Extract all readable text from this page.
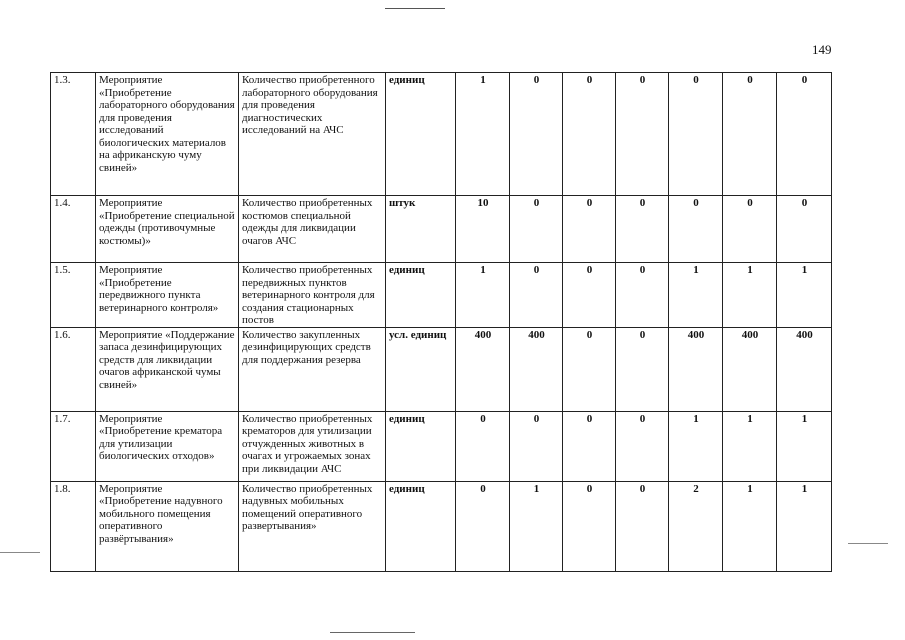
149
1.3.	Мероприятие «Приобретение лабораторного оборудования для проведения исследований биологических материалов на африканскую чуму свиней»	Количество приобретенного лабораторного оборудования для проведения диагностических исследований на АЧС	единиц	1	0	0	0	0	0	0
1.4.	Мероприятие «Приобретение специальной одежды (противочумные костюмы)»	Количество приобретенных костюмов специальной одежды для ликвидации очагов АЧС	штук	10	0	0	0	0	0	0
1.5.	Мероприятие «Приобретение передвижного пункта ветеринарного контроля»	Количество приобретенных передвижных пунктов ветеринарного контроля для создания стационарных постов	единиц	1	0	0	0	1	1	1
1.6.	Мероприятие «Поддержание запаса дезинфицирующих средств для ликвидации очагов африканской чумы свиней»	Количество закупленных дезинфицирующих средств для поддержания резерва	усл. единиц	400	400	0	0	400	400	400
1.7.	Мероприятие «Приобретение крематора для утилизации биологических отходов»	Количество приобретенных крематоров для утилизации отчужденных животных в очагах и угрожаемых зонах при ликвидации АЧС	единиц	0	0	0	0	1	1	1
1.8.	Мероприятие «Приобретение надувного мобильного помещения оперативного развёртывания»	Количество приобретенных надувных мобильных помещений оперативного развертывания»	единиц	0	1	0	0	2	1	1
